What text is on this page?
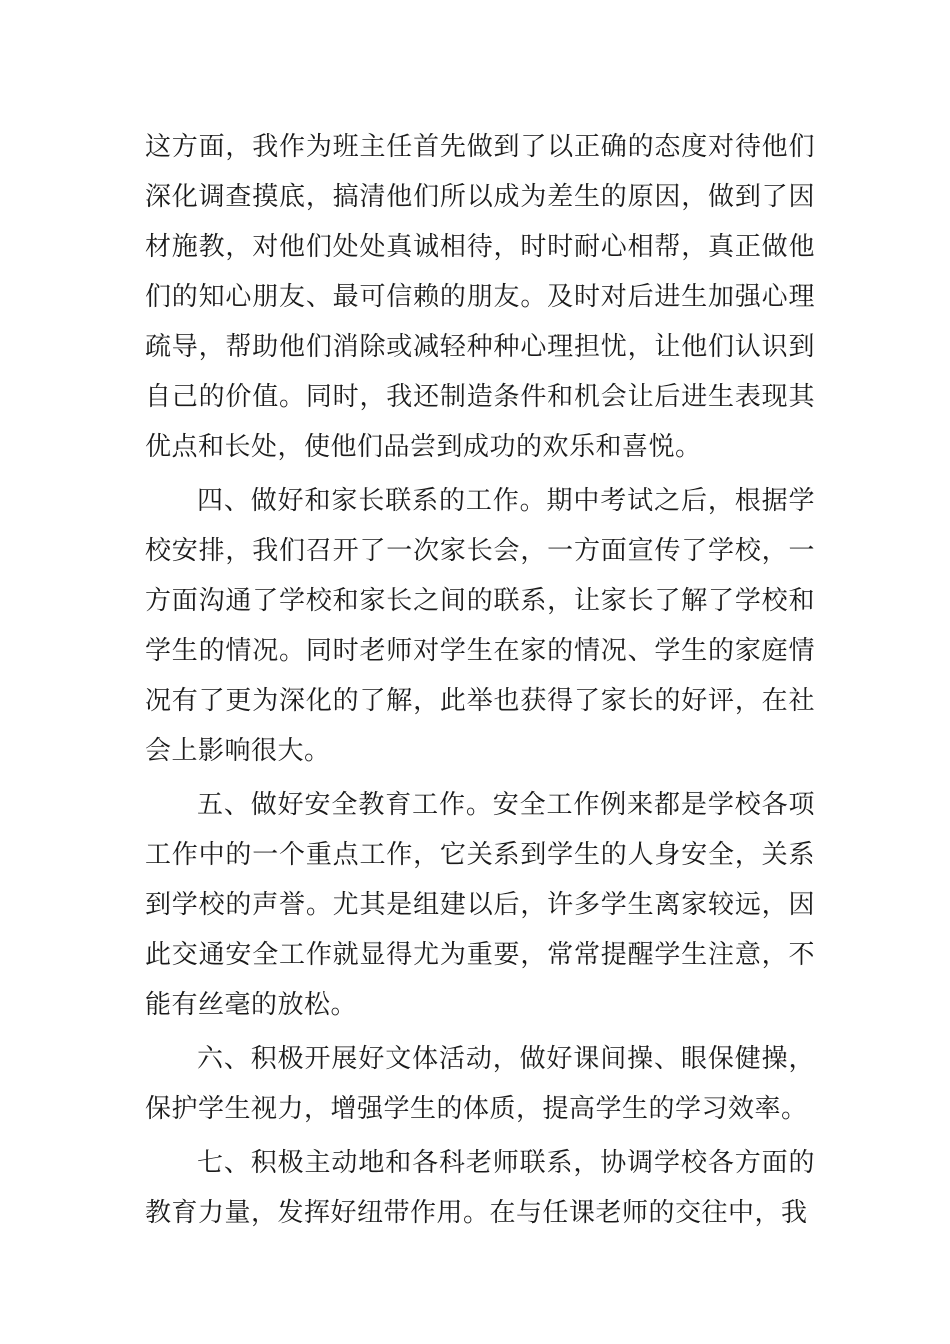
这方面，我作为班主任首先做到了以正确的态度对待他们深化调查摸底，搞清他们所以成为差生的原因，做到了因材施教，对他们处处真诚相待，时时耐心相帮，真正做他们的知心朋友、最可信赖的朋友。及时对后进生加强心理疏导，帮助他们消除或减轻种种心理担忧，让他们认识到自己的价值。同时，我还制造条件和机会让后进生表现其优点和长处，使他们品尝到成功的欢乐和喜悦。

四、做好和家长联系的工作。期中考试之后，根据学校安排，我们召开了一次家长会，一方面宣传了学校，一方面沟通了学校和家长之间的联系，让家长了解了学校和学生的情况。同时老师对学生在家的情况、学生的家庭情况有了更为深化的了解，此举也获得了家长的好评，在社会上影响很大。

五、做好安全教育工作。安全工作例来都是学校各项工作中的一个重点工作，它关系到学生的人身安全，关系到学校的声誉。尤其是组建以后，许多学生离家较远，因此交通安全工作就显得尤为重要，常常提醒学生注意，不能有丝毫的放松。

六、积极开展好文体活动，做好课间操、眼保健操，保护学生视力，增强学生的体质，提高学生的学习效率。

七、积极主动地和各科老师联系，协调学校各方面的教育力量，发挥好纽带作用。在与任课老师的交往中，我
